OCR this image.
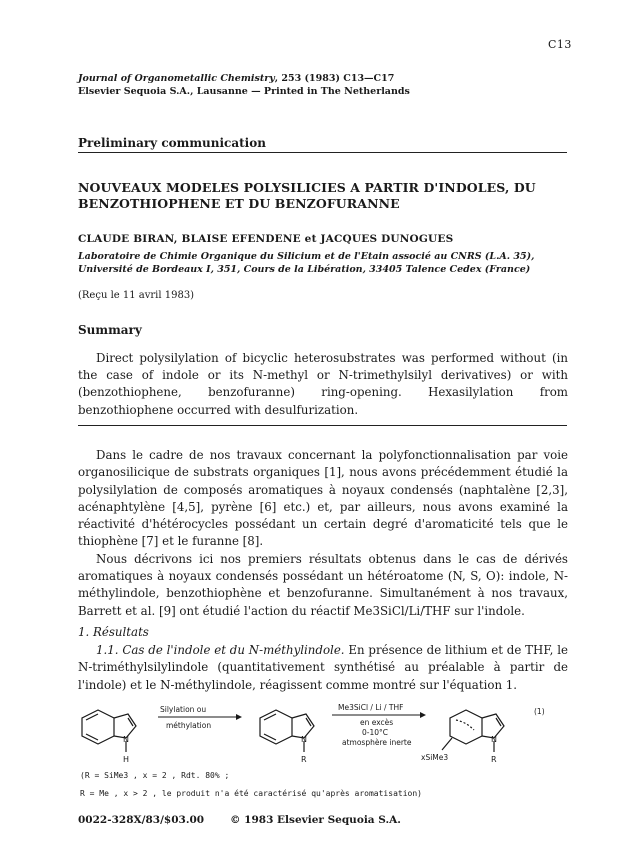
C13
Journal of Organometallic Chemistry, 253 (1983) C13—C17
Elsevier Sequoia S.A., Lausanne — Printed in The Netherlands
Preliminary communication
NOUVEAUX MODELES POLYSILICIES A PARTIR D'INDOLES, DU BENZOTHIOPHENE ET DU BENZOFURANNE
CLAUDE BIRAN, BLAISE EFENDENE et JACQUES DUNOGUES
Laboratoire de Chimie Organique du Silicium et de l'Etain associé au CNRS (L.A. 35), Université de Bordeaux I, 351, Cours de la Libération, 33405 Talence Cedex (France)
(Reçu le 11 avril 1983)
Summary
Direct polysilylation of bicyclic heterosubstrates was performed without (in the case of indole or its N-methyl or N-trimethylsilyl derivatives) or with (benzothiophene, benzofuranne) ring-opening. Hexasilylation from benzothiophene occurred with desulfurization.
Dans le cadre de nos travaux concernant la polyfonctionnalisation par voie organosilicique de substrats organiques [1], nous avons précédemment étudié la polysilylation de composés aromatiques à noyaux condensés (naphtalène [2,3], acénaphtylène [4,5], pyrène [6] etc.) et, par ailleurs, nous avons examiné la réactivité d'hétérocycles possédant un certain degré d'aromaticité tels que le thiophène [7] et le furanne [8].
Nous décrivons ici nos premiers résultats obtenus dans le cas de dérivés aromatiques à noyaux condensés possédant un hétéroatome (N, S, O): indole, N-méthylindole, benzothiophène et benzofuranne. Simultanément à nos travaux, Barrett et al. [9] ont étudié l'action du réactif Me3SiCl/Li/THF sur l'indole.
1. Résultats
1.1. Cas de l'indole et du N-méthylindole. En présence de lithium et de THF, le N-triméthylsilylindole (quantitativement synthétisé au préalable à partir de l'indole) et le N-méthylindole, réagissent comme montré sur l'équation 1.
N
H
Silylation ou
méthylation
N
R
Me3SiCl / Li / THF
en excès
0-10°C
atmosphère inerte
xSiMe3
N
R
(1)
(R = SiMe3 , x = 2 , Rdt. 80% ;
R = Me , x > 2 , le produit n'a été caractérisé qu'après aromatisation)
0022-328X/83/$03.00 © 1983 Elsevier Sequoia S.A.
